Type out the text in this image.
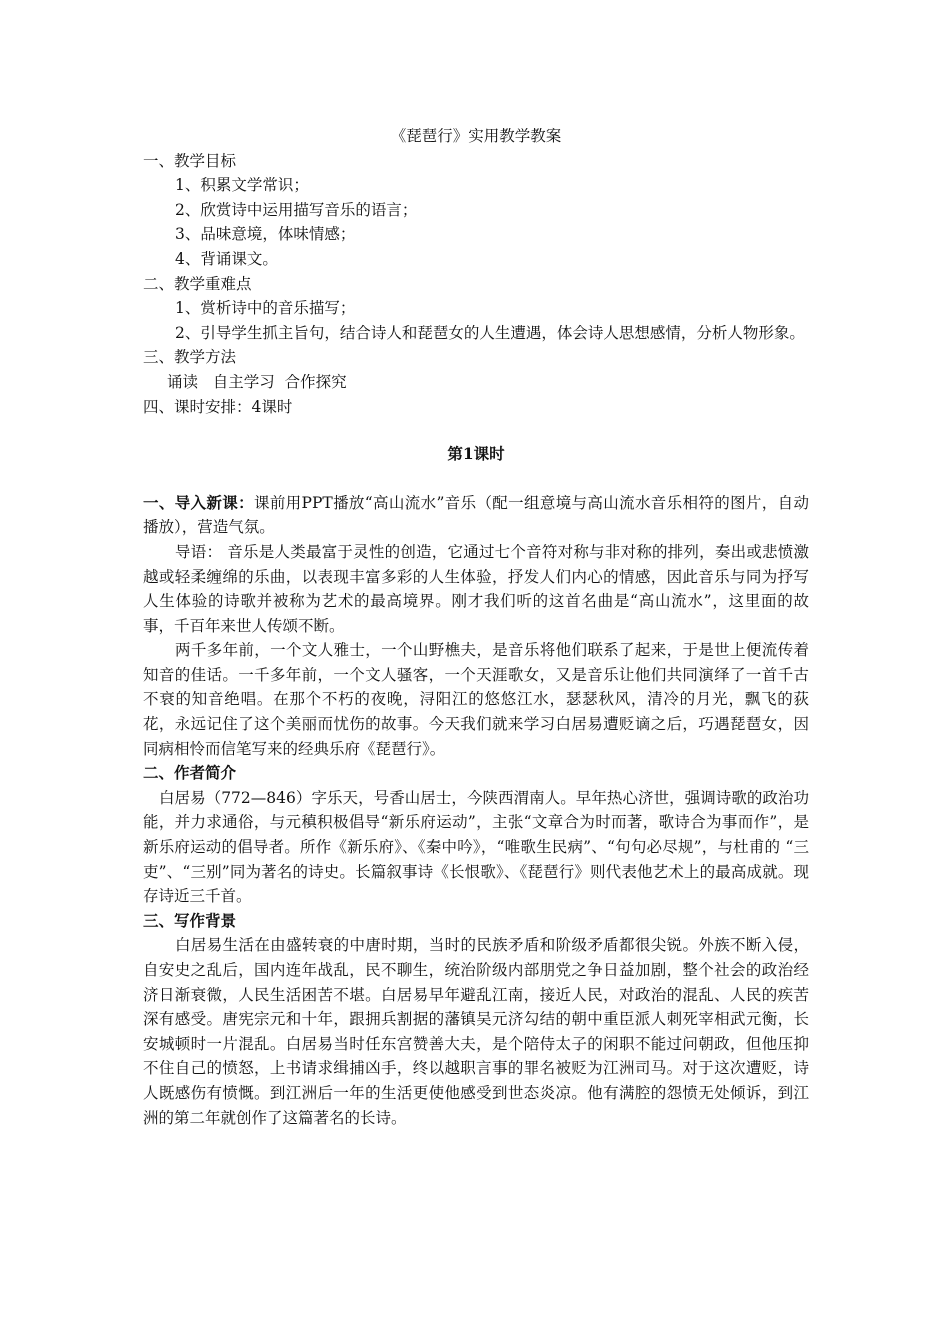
《琵琶行》实用教学教案

一、教学目标

1、积累文学常识；

2、欣赏诗中运用描写音乐的语言；

3、品味意境，体味情感；

4、背诵课文。

二、教学重难点

1、赏析诗中的音乐描写；

2、引导学生抓主旨句，结合诗人和琵琶女的人生遭遇，体会诗人思想感情，分析人物形象。

三、教学方法

诵读   自主学习  合作探究

四、课时安排：4课时

第1课时

一、导入新课：课前用PPT播放“高山流水”音乐（配一组意境与高山流水音乐相符的图片，自动播放），营造气氛。

导语： 音乐是人类最富于灵性的创造，它通过七个音符对称与非对称的排列，奏出或悲愤激越或轻柔缠绵的乐曲，以表现丰富多彩的人生体验，抒发人们内心的情感，因此音乐与同为抒写人生体验的诗歌并被称为艺术的最高境界。刚才我们听的这首名曲是“高山流水”，这里面的故事，千百年来世人传颂不断。

两千多年前，一个文人雅士，一个山野樵夫，是音乐将他们联系了起来，于是世上便流传着知音的佳话。一千多年前，一个文人骚客，一个天涯歌女，又是音乐让他们共同演绎了一首千古不衰的知音绝唱。在那个不朽的夜晚，浔阳江的悠悠江水，瑟瑟秋风，清冷的月光，飘飞的荻花，永远记住了这个美丽而忧伤的故事。今天我们就来学习白居易遭贬谪之后，巧遇琵琶女，因同病相怜而信笔写来的经典乐府《琵琶行》。

二、作者简介

白居易（772—846）字乐天，号香山居士，今陕西渭南人。早年热心济世，强调诗歌的政治功能，并力求通俗，与元稹积极倡导“新乐府运动”，主张“文章合为时而著，歌诗合为事而作”，是新乐府运动的倡导者。所作《新乐府》、《秦中吟》，“唯歌生民病”、“句句必尽规”，与杜甫的 “三吏”、“三别”同为著名的诗史。长篇叙事诗《长恨歌》、《琵琶行》则代表他艺术上的最高成就。现存诗近三千首。

三、写作背景

白居易生活在由盛转衰的中唐时期，当时的民族矛盾和阶级矛盾都很尖锐。外族不断入侵，自安史之乱后，国内连年战乱，民不聊生，统治阶级内部朋党之争日益加剧，整个社会的政治经济日渐衰微，人民生活困苦不堪。白居易早年避乱江南，接近人民，对政治的混乱、人民的疾苦深有感受。唐宪宗元和十年，跟拥兵割据的藩镇吴元济勾结的朝中重臣派人刺死宰相武元衡，长安城顿时一片混乱。白居易当时任东宫赞善大夫，是个陪侍太子的闲职不能过问朝政，但他压抑不住自己的愤怒，上书请求缉捕凶手，终以越职言事的罪名被贬为江洲司马。对于这次遭贬，诗人既感伤有愤慨。到江洲后一年的生活更使他感受到世态炎凉。他有满腔的怨愤无处倾诉，到江洲的第二年就创作了这篇著名的长诗。
